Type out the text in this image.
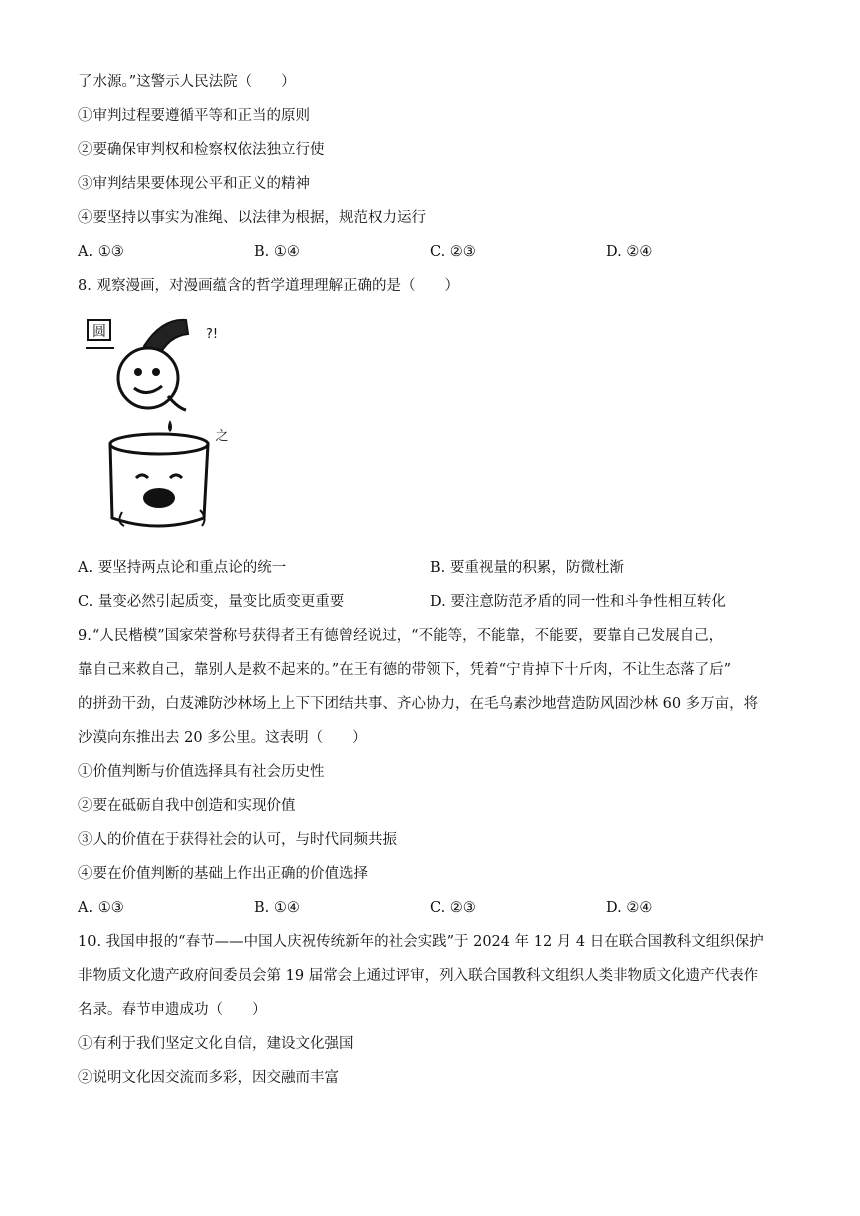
了水源。”这警示人民法院（　　）
①审判过程要遵循平等和正当的原则
②要确保审判权和检察权依法独立行使
③审判结果要体现公平和正义的精神
④要坚持以事实为准绳、以法律为根据，规范权力运行
A. ①③	B. ①④	C. ②③	D. ②④
8. 观察漫画，对漫画蕴含的哲学道理理解正确的是（　　）
圆	?!
之
A. 要坚持两点论和重点论的统一	B. 要重视量的积累，防微杜渐
C. 量变必然引起质变，量变比质变更重要	D. 要注意防范矛盾的同一性和斗争性相互转化
9.“人民楷模”国家荣誉称号获得者王有德曾经说过，“不能等，不能靠，不能要，要靠自己发展自己，
靠自己来救自己，靠别人是救不起来的。”在王有德的带领下，凭着“宁肯掉下十斤肉，不让生态落了后”
的拼劲干劲，白芨滩防沙林场上上下下团结共事、齐心协力，在毛乌素沙地营造防风固沙林 60 多万亩，将
沙漠向东推出去 20 多公里。这表明（　　）
①价值判断与价值选择具有社会历史性
②要在砥砺自我中创造和实现价值
③人的价值在于获得社会的认可，与时代同频共振
④要在价值判断的基础上作出正确的价值选择
A. ①③	B. ①④	C. ②③	D. ②④
10. 我国申报的“春节——中国人庆祝传统新年的社会实践”于 2024 年 12 月 4 日在联合国教科文组织保护
非物质文化遗产政府间委员会第 19 届常会上通过评审，列入联合国教科文组织人类非物质文化遗产代表作
名录。春节申遗成功（　　）
①有利于我们坚定文化自信，建设文化强国
②说明文化因交流而多彩，因交融而丰富
